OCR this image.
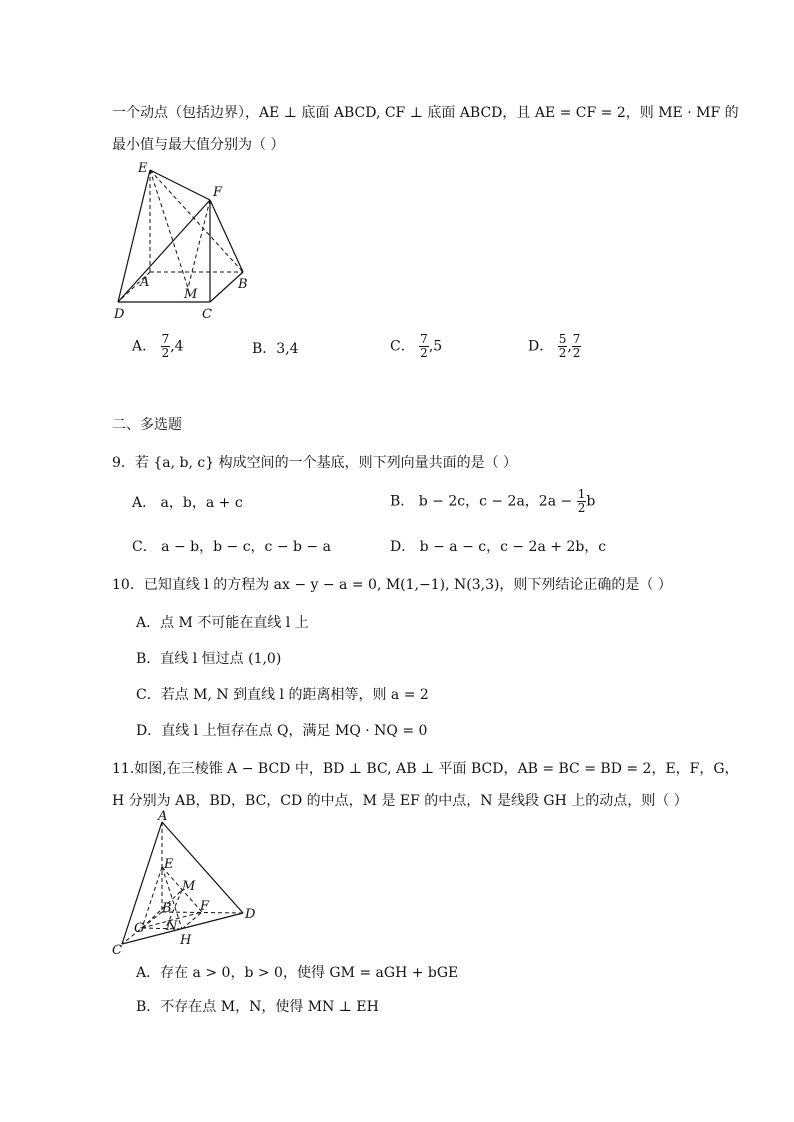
一个动点（包括边界），AE ⊥ 底面 ABCD, CF ⊥ 底面 ABCD，且 AE = CF = 2，则 ME · MF 的
最小值与最大值分别为（ ）
E
F
A
M
B
D	C
A． $\frac{7}{2} ,4$	B．3,4	C． $\frac{7}{2} ,5$	D． $\frac{5}{2}$ , $\frac{7}{2}$
二、多选题
9．若 {a, b, c} 构成空间的一个基底，则下列向量共面的是（ ）
A． a，b，a + c	B． b − 2c，c − 2a，$2a - \frac{1}{2}$ b
C． a − b，b − c，c − b − a	D． b − a − c，c − 2a + 2b，c
10．已知直线 l 的方程为 ax − y − a = 0, M(1,−1), N(3,3)，则下列结论正确的是（ ）
A．点 M 不可能在直线 l 上
B．直线 l 恒过点 (1,0)
C．若点 M, N 到直线 l 的距离相等，则 a = 2
D．直线 l 上恒存在点 Q，满足 MQ · NQ = 0
11.如图,在三棱锥 A − BCD 中，BD ⊥ BC, AB ⊥ 平面 BCD，AB = BC = BD = 2，E，F，G，
H 分别为 AB，BD，BC，CD 的中点，M 是 EF 的中点，N 是线段 GH 上的动点，则（ ）
A
E
M
B F
D
G N
H
C
A．存在 a > 0，b > 0，使得 GM = aGH + bGE
B．不存在点 M，N，使得 MN ⊥ EH
